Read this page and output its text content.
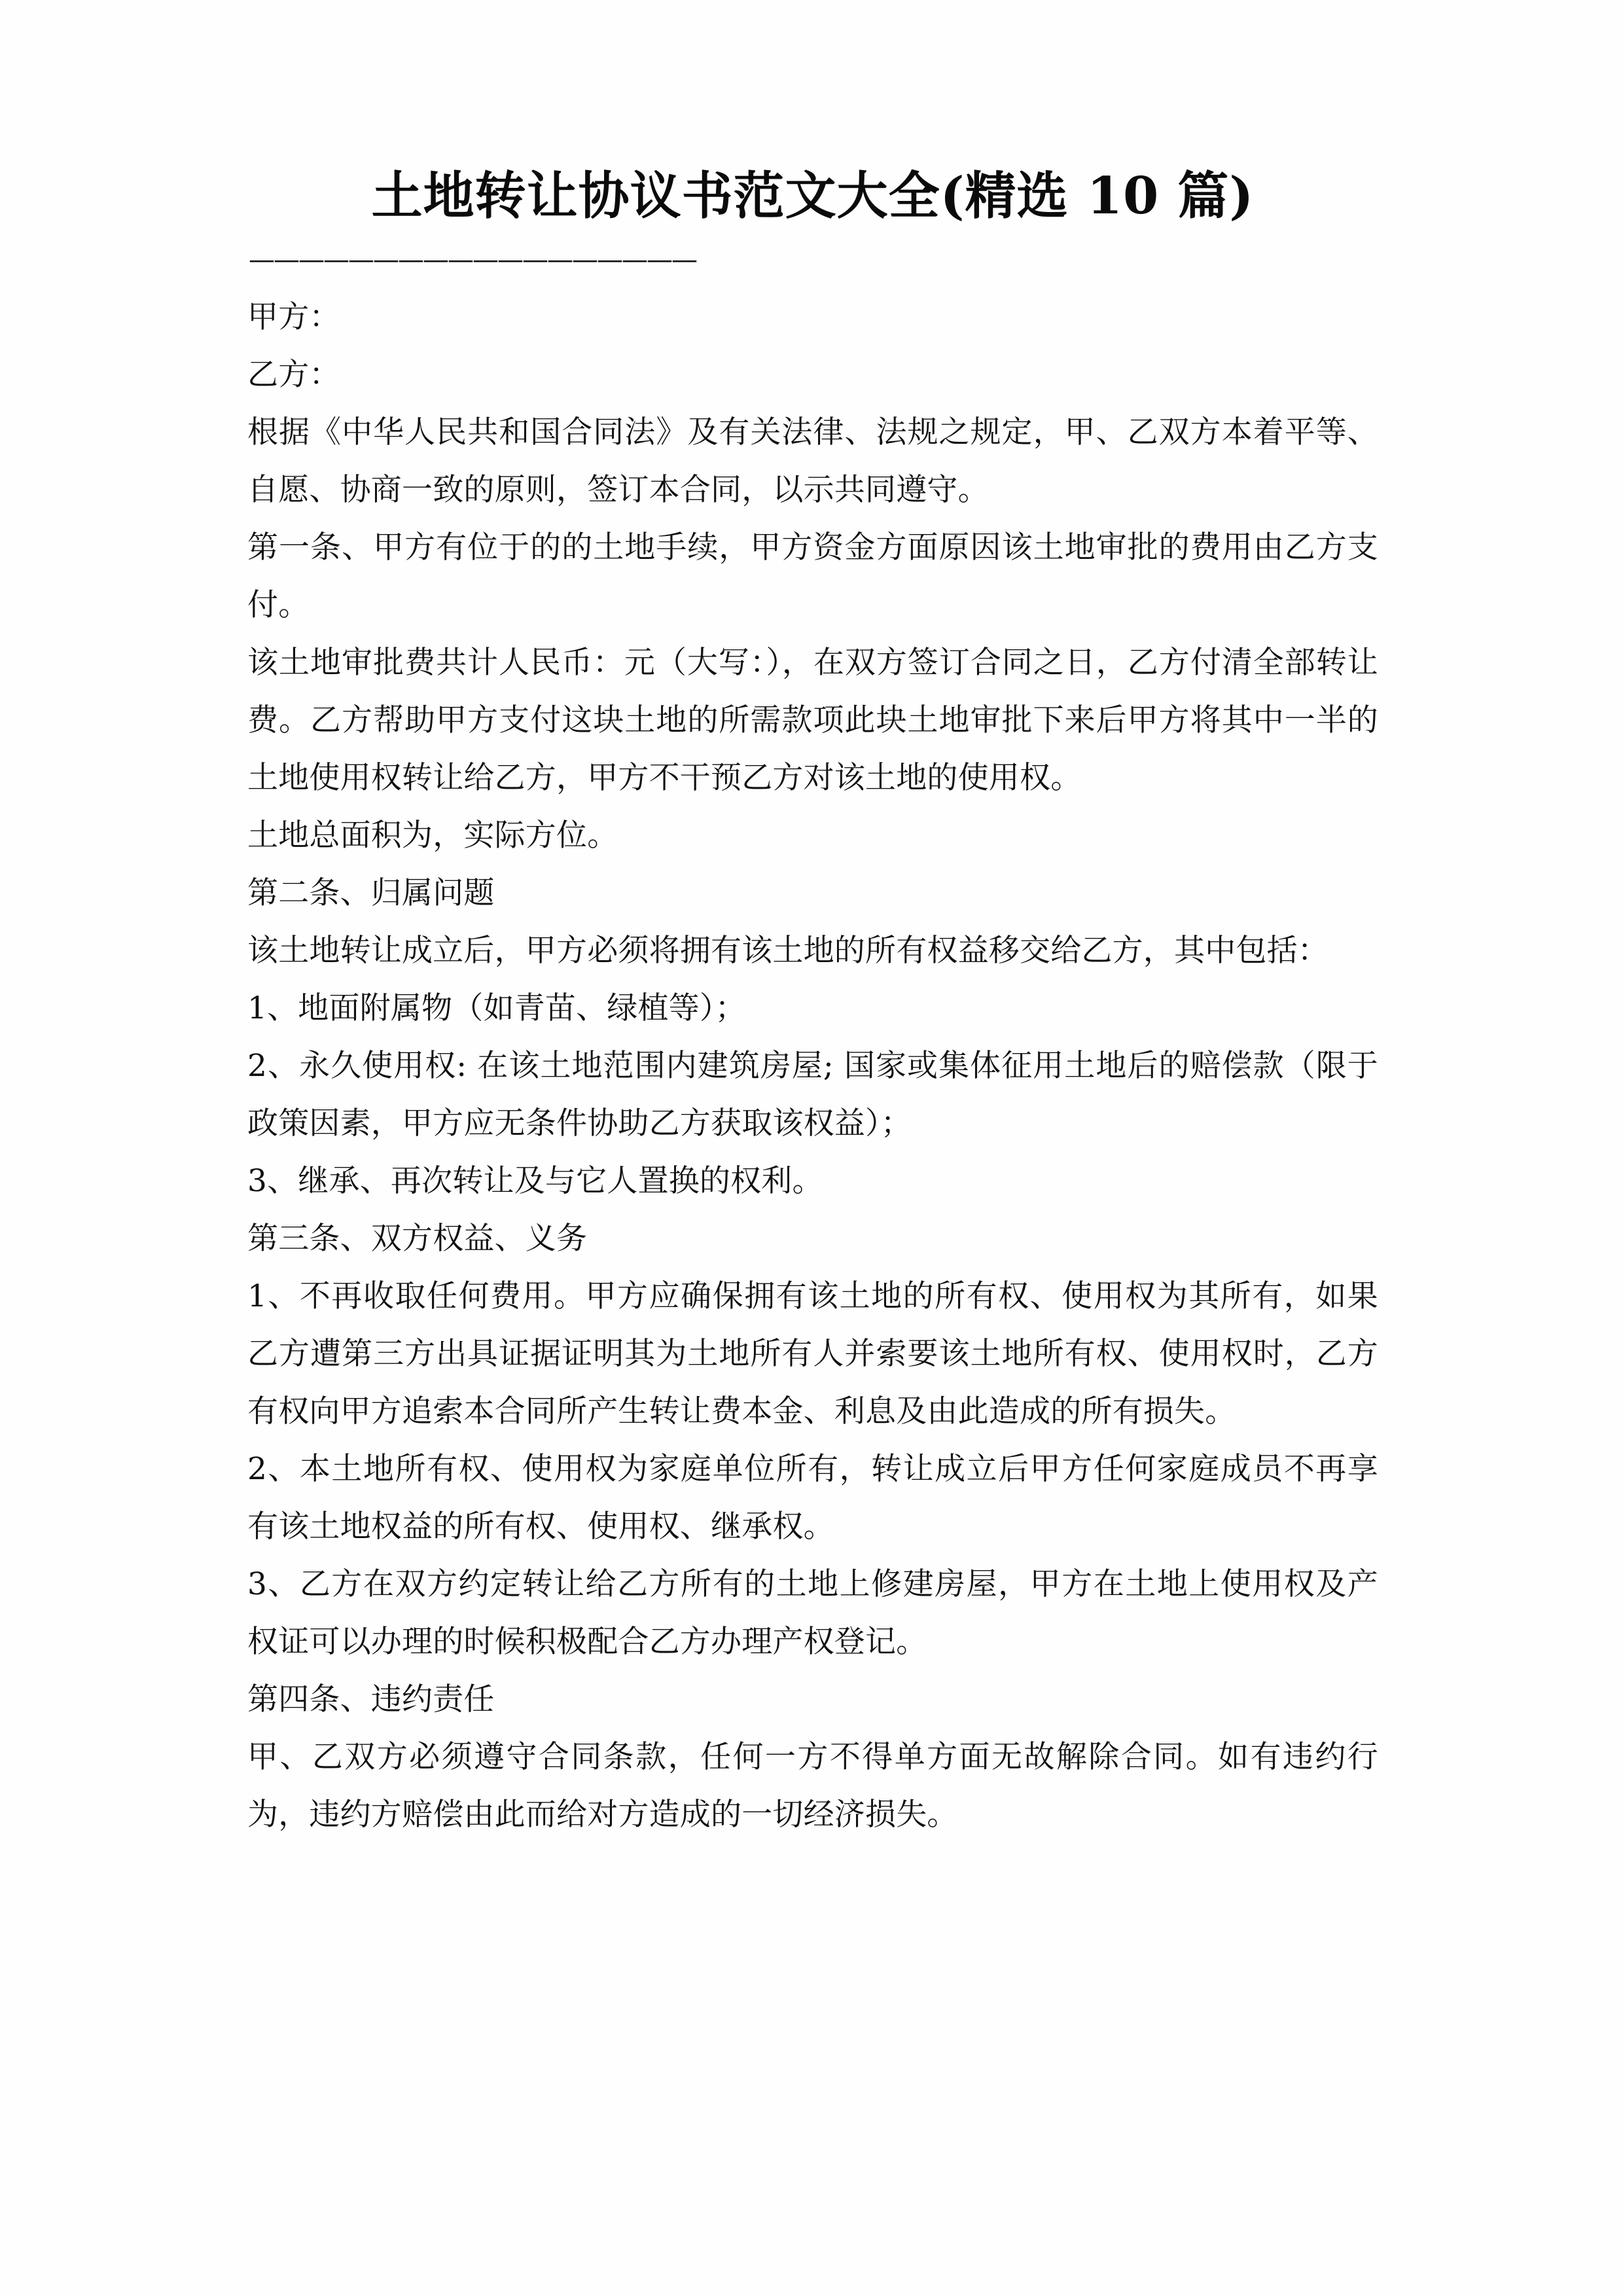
土地转让协议书范文大全(精选 10 篇)
——————————————————

甲方：

乙方：

根据《中华人民共和国合同法》及有关法律、法规之规定，甲、乙双方本着平等、自愿、协商一致的原则，签订本合同，以示共同遵守。

第一条、甲方有位于的的土地手续，甲方资金方面原因该土地审批的费用由乙方支付。

该土地审批费共计人民币：元（大写：），在双方签订合同之日，乙方付清全部转让费。乙方帮助甲方支付这块土地的所需款项此块土地审批下来后甲方将其中一半的土地使用权转让给乙方，甲方不干预乙方对该土地的使用权。

土地总面积为，实际方位。

第二条、归属问题

该土地转让成立后，甲方必须将拥有该土地的所有权益移交给乙方，其中包括：

1、地面附属物（如青苗、绿植等）；

2、永久使用权: 在该土地范围内建筑房屋; 国家或集体征用土地后的赔偿款（限于政策因素，甲方应无条件协助乙方获取该权益）；

3、继承、再次转让及与它人置换的权利。

第三条、双方权益、义务

1、不再收取任何费用。甲方应确保拥有该土地的所有权、使用权为其所有，如果乙方遭第三方出具证据证明其为土地所有人并索要该土地所有权、使用权时，乙方有权向甲方追索本合同所产生转让费本金、利息及由此造成的所有损失。

2、本土地所有权、使用权为家庭单位所有，转让成立后甲方任何家庭成员不再享有该土地权益的所有权、使用权、继承权。

3、乙方在双方约定转让给乙方所有的土地上修建房屋，甲方在土地上使用权及产权证可以办理的时候积极配合乙方办理产权登记。

第四条、违约责任

甲、乙双方必须遵守合同条款，任何一方不得单方面无故解除合同。如有违约行为，违约方赔偿由此而给对方造成的一切经济损失。
